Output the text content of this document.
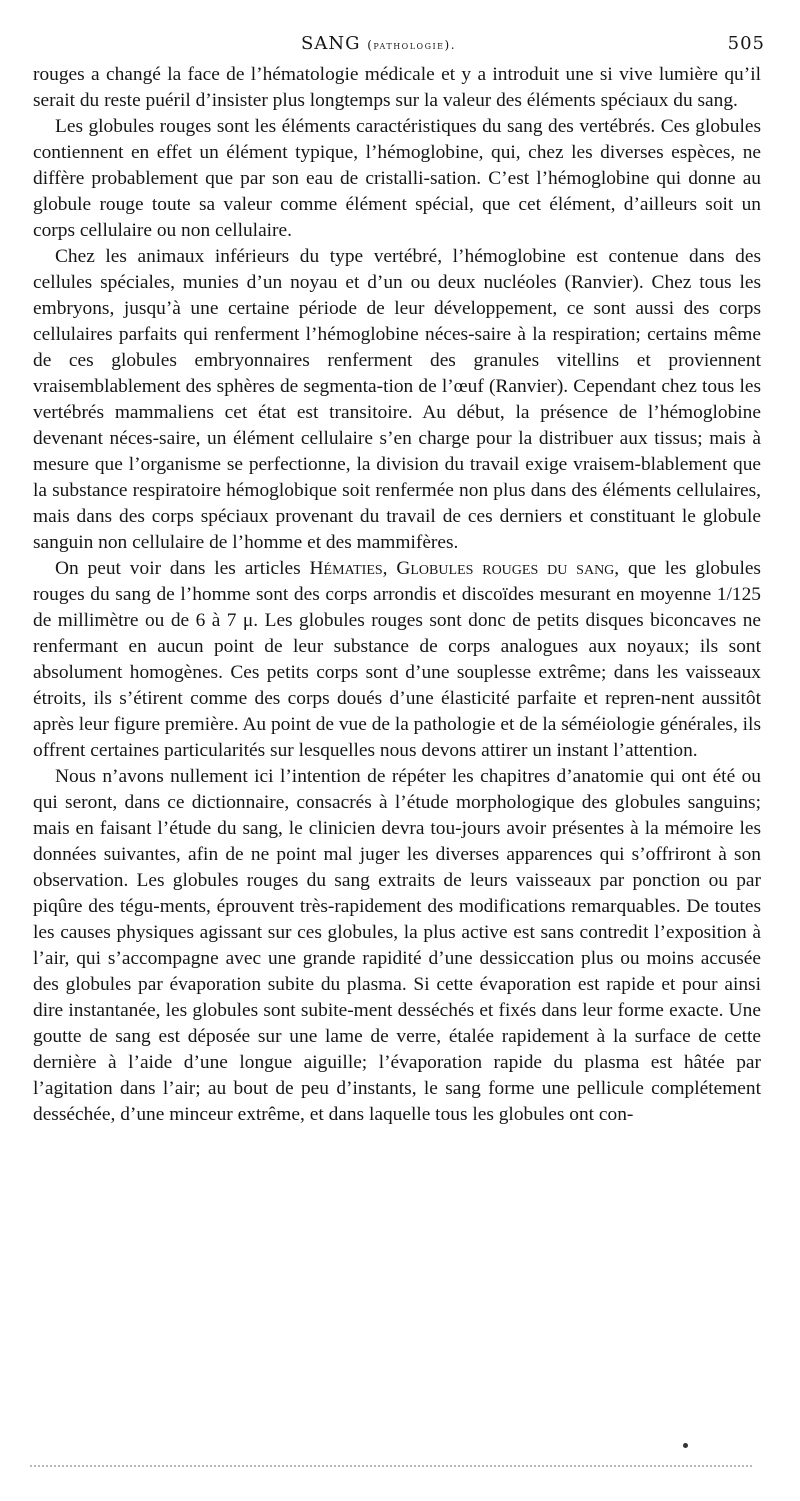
SANG (pathologie).	505

rouges a changé la face de l’hématologie médicale et y a introduit une si vive lumière qu’il serait du reste puéril d’insister plus longtemps sur la valeur des éléments spéciaux du sang.

Les globules rouges sont les éléments caractéristiques du sang des vertébrés. Ces globules contiennent en effet un élément typique, l’hémoglobine, qui, chez les diverses espèces, ne diffère probablement que par son eau de cristalli-sation. C’est l’hémoglobine qui donne au globule rouge toute sa valeur comme élément spécial, que cet élément, d’ailleurs soit un corps cellulaire ou non cellulaire.

Chez les animaux inférieurs du type vertébré, l’hémoglobine est contenue dans des cellules spéciales, munies d’un noyau et d’un ou deux nucléoles (Ranvier). Chez tous les embryons, jusqu’à une certaine période de leur développement, ce sont aussi des corps cellulaires parfaits qui renferment l’hémoglobine néces-saire à la respiration; certains même de ces globules embryonnaires renferment des granules vitellins et proviennent vraisemblablement des sphères de segmenta-tion de l’œuf (Ranvier). Cependant chez tous les vertébrés mammaliens cet état est transitoire. Au début, la présence de l’hémoglobine devenant néces-saire, un élément cellulaire s’en charge pour la distribuer aux tissus; mais à mesure que l’organisme se perfectionne, la division du travail exige vraisem-blablement que la substance respiratoire hémoglobique soit renfermée non plus dans des éléments cellulaires, mais dans des corps spéciaux provenant du travail de ces derniers et constituant le globule sanguin non cellulaire de l’homme et des mammifères.

On peut voir dans les articles Hématies, Globules rouges du sang, que les globules rouges du sang de l’homme sont des corps arrondis et discoïdes mesurant en moyenne 1/125 de millimètre ou de 6 à 7 μ. Les globules rouges sont donc de petits disques biconcaves ne renfermant en aucun point de leur substance de corps analogues aux noyaux; ils sont absolument homogènes. Ces petits corps sont d’une souplesse extrême; dans les vaisseaux étroits, ils s’étirent comme des corps doués d’une élasticité parfaite et repren-nent aussitôt après leur figure première. Au point de vue de la pathologie et de la séméiologie générales, ils offrent certaines particularités sur lesquelles nous devons attirer un instant l’attention.

Nous n’avons nullement ici l’intention de répéter les chapitres d’anatomie qui ont été ou qui seront, dans ce dictionnaire, consacrés à l’étude morphologique des globules sanguins; mais en faisant l’étude du sang, le clinicien devra tou-jours avoir présentes à la mémoire les données suivantes, afin de ne point mal juger les diverses apparences qui s’offriront à son observation. Les globules rouges du sang extraits de leurs vaisseaux par ponction ou par piqûre des tégu-ments, éprouvent très-rapidement des modifications remarquables. De toutes les causes physiques agissant sur ces globules, la plus active est sans contredit l’exposition à l’air, qui s’accompagne avec une grande rapidité d’une dessiccation plus ou moins accusée des globules par évaporation subite du plasma. Si cette évaporation est rapide et pour ainsi dire instantanée, les globules sont subite-ment desséchés et fixés dans leur forme exacte. Une goutte de sang est déposée sur une lame de verre, étalée rapidement à la surface de cette dernière à l’aide d’une longue aiguille; l’évaporation rapide du plasma est hâtée par l’agitation dans l’air; au bout de peu d’instants, le sang forme une pellicule complétement desséchée, d’une minceur extrême, et dans laquelle tous les globules ont con-
